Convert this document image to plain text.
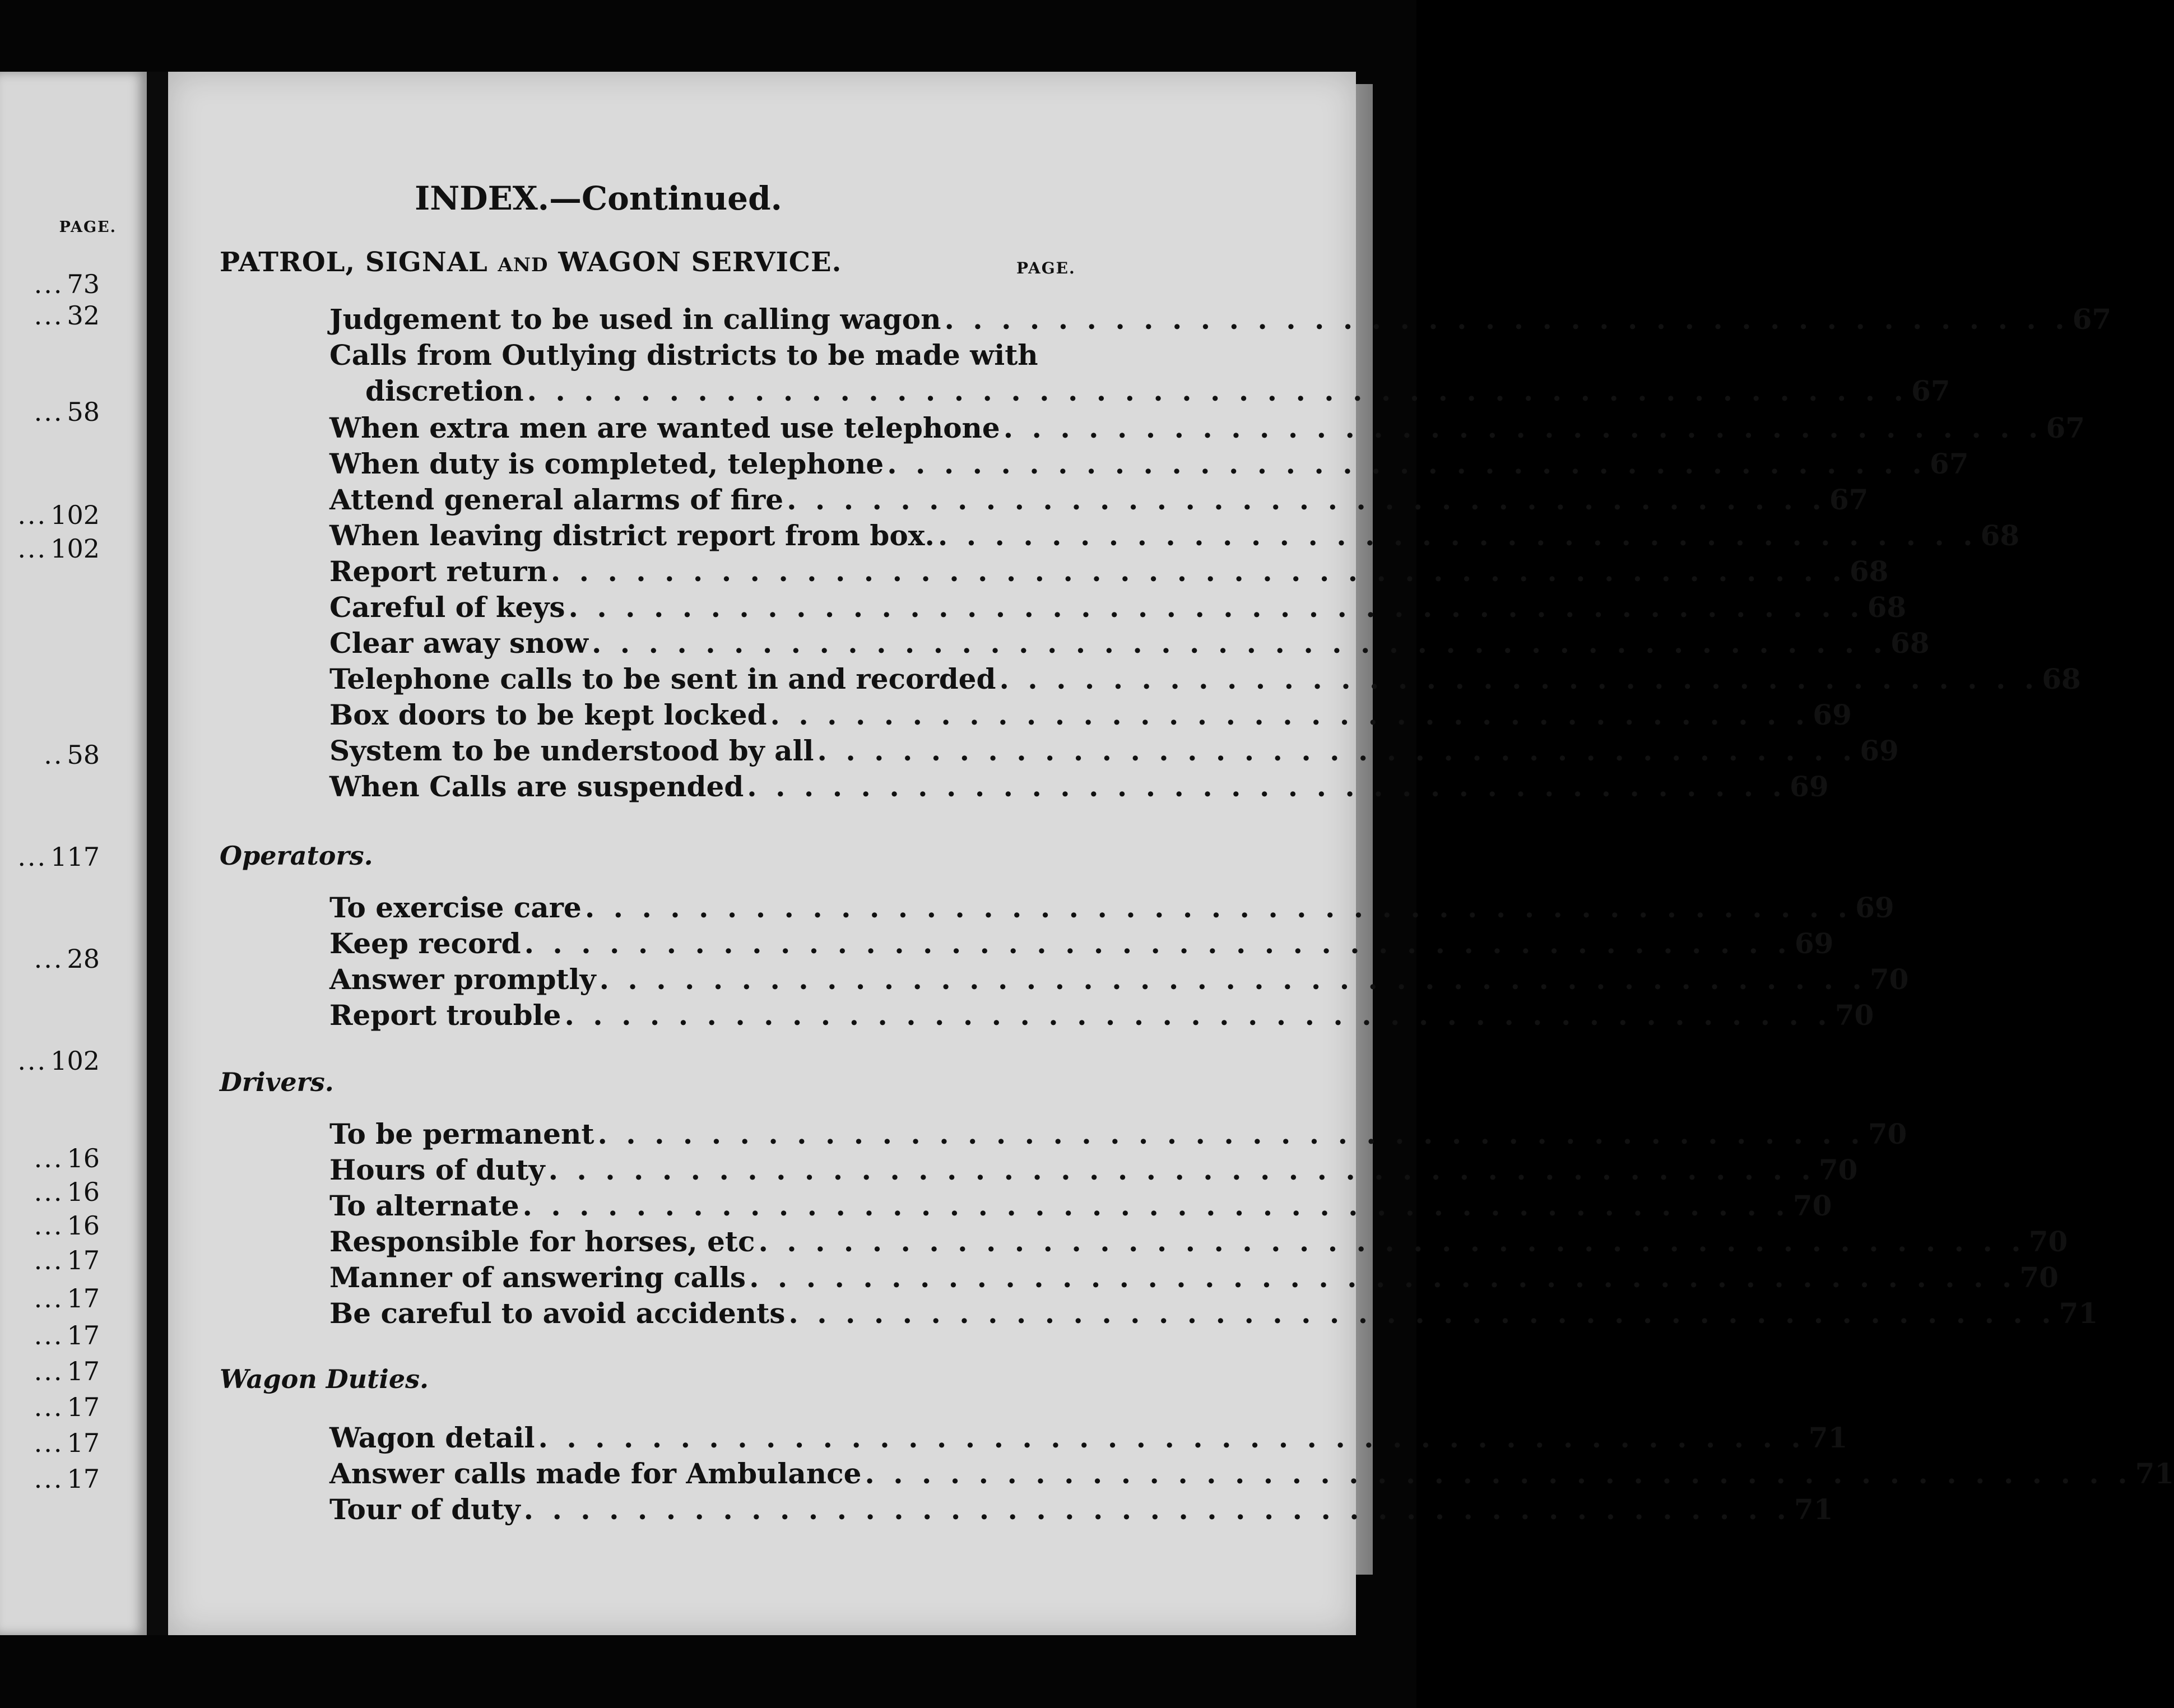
PAGE.
... 73
... 32
... 58
... 102
... 102
.. 58
... 117
... 28
... 102
... 16
... 16
... 16
... 17
... 17
... 17
... 17
... 17
... 17
... 17
INDEX.—Continued.
PATROL, SIGNAL AND WAGON SERVICE.	PAGE.
Judgement to be used in calling wagon . . . . . . . . . . . . . . . . . . . . . . . . . . . . . . . . . . . . . . . . 67
Calls from Outlying districts to be made with
discretion . . . . . . . . . . . . . . . . . . . . . . . . . . . . . . . . . . . . . . . . . . . . . . . . . 67
When extra men are wanted use telephone . . . . . . . . . . . . . . . . . . . . . . . . . . . . . . . . . . . . . 67
When duty is completed, telephone . . . . . . . . . . . . . . . . . . . . . . . . . . . . . . . . . . . . . 67
Attend general alarms of fire . . . . . . . . . . . . . . . . . . . . . . . . . . . . . . . . . . . . . 67
When leaving district report from box. . . . . . . . . . . . . . . . . . . . . . . . . . . . . . . . . . . . . . 68
Report return . . . . . . . . . . . . . . . . . . . . . . . . . . . . . . . . . . . . . . . . . . . . . . 68
Careful of keys . . . . . . . . . . . . . . . . . . . . . . . . . . . . . . . . . . . . . . . . . . . . . . 68
Clear away snow . . . . . . . . . . . . . . . . . . . . . . . . . . . . . . . . . . . . . . . . . . . . . . 68
Telephone calls to be sent in and recorded . . . . . . . . . . . . . . . . . . . . . . . . . . . . . . . . . . . . . 68
Box doors to be kept locked . . . . . . . . . . . . . . . . . . . . . . . . . . . . . . . . . . . . . 69
System to be understood by all . . . . . . . . . . . . . . . . . . . . . . . . . . . . . . . . . . . . . 69
When Calls are suspended . . . . . . . . . . . . . . . . . . . . . . . . . . . . . . . . . . . . . 69
Operators.
To exercise care . . . . . . . . . . . . . . . . . . . . . . . . . . . . . . . . . . . . . . . . . . . . . 69
Keep record . . . . . . . . . . . . . . . . . . . . . . . . . . . . . . . . . . . . . . . . . . . . . 69
Answer promptly . . . . . . . . . . . . . . . . . . . . . . . . . . . . . . . . . . . . . . . . . . . . . 70
Report trouble . . . . . . . . . . . . . . . . . . . . . . . . . . . . . . . . . . . . . . . . . . . . . 70
Drivers.
To be permanent . . . . . . . . . . . . . . . . . . . . . . . . . . . . . . . . . . . . . . . . . . . . . 70
Hours of duty . . . . . . . . . . . . . . . . . . . . . . . . . . . . . . . . . . . . . . . . . . . . . 70
To alternate . . . . . . . . . . . . . . . . . . . . . . . . . . . . . . . . . . . . . . . . . . . . . 70
Responsible for horses, etc . . . . . . . . . . . . . . . . . . . . . . . . . . . . . . . . . . . . . . . . . . . . . 70
Manner of answering calls . . . . . . . . . . . . . . . . . . . . . . . . . . . . . . . . . . . . . . . . . . . . . 70
Be careful to avoid accidents . . . . . . . . . . . . . . . . . . . . . . . . . . . . . . . . . . . . . . . . . . . . . 71
Wagon Duties.
Wagon detail . . . . . . . . . . . . . . . . . . . . . . . . . . . . . . . . . . . . . . . . . . . . . 71
Answer calls made for Ambulance . . . . . . . . . . . . . . . . . . . . . . . . . . . . . . . . . . . . . . . . . . . . . 71
Tour of duty . . . . . . . . . . . . . . . . . . . . . . . . . . . . . . . . . . . . . . . . . . . . . 71
